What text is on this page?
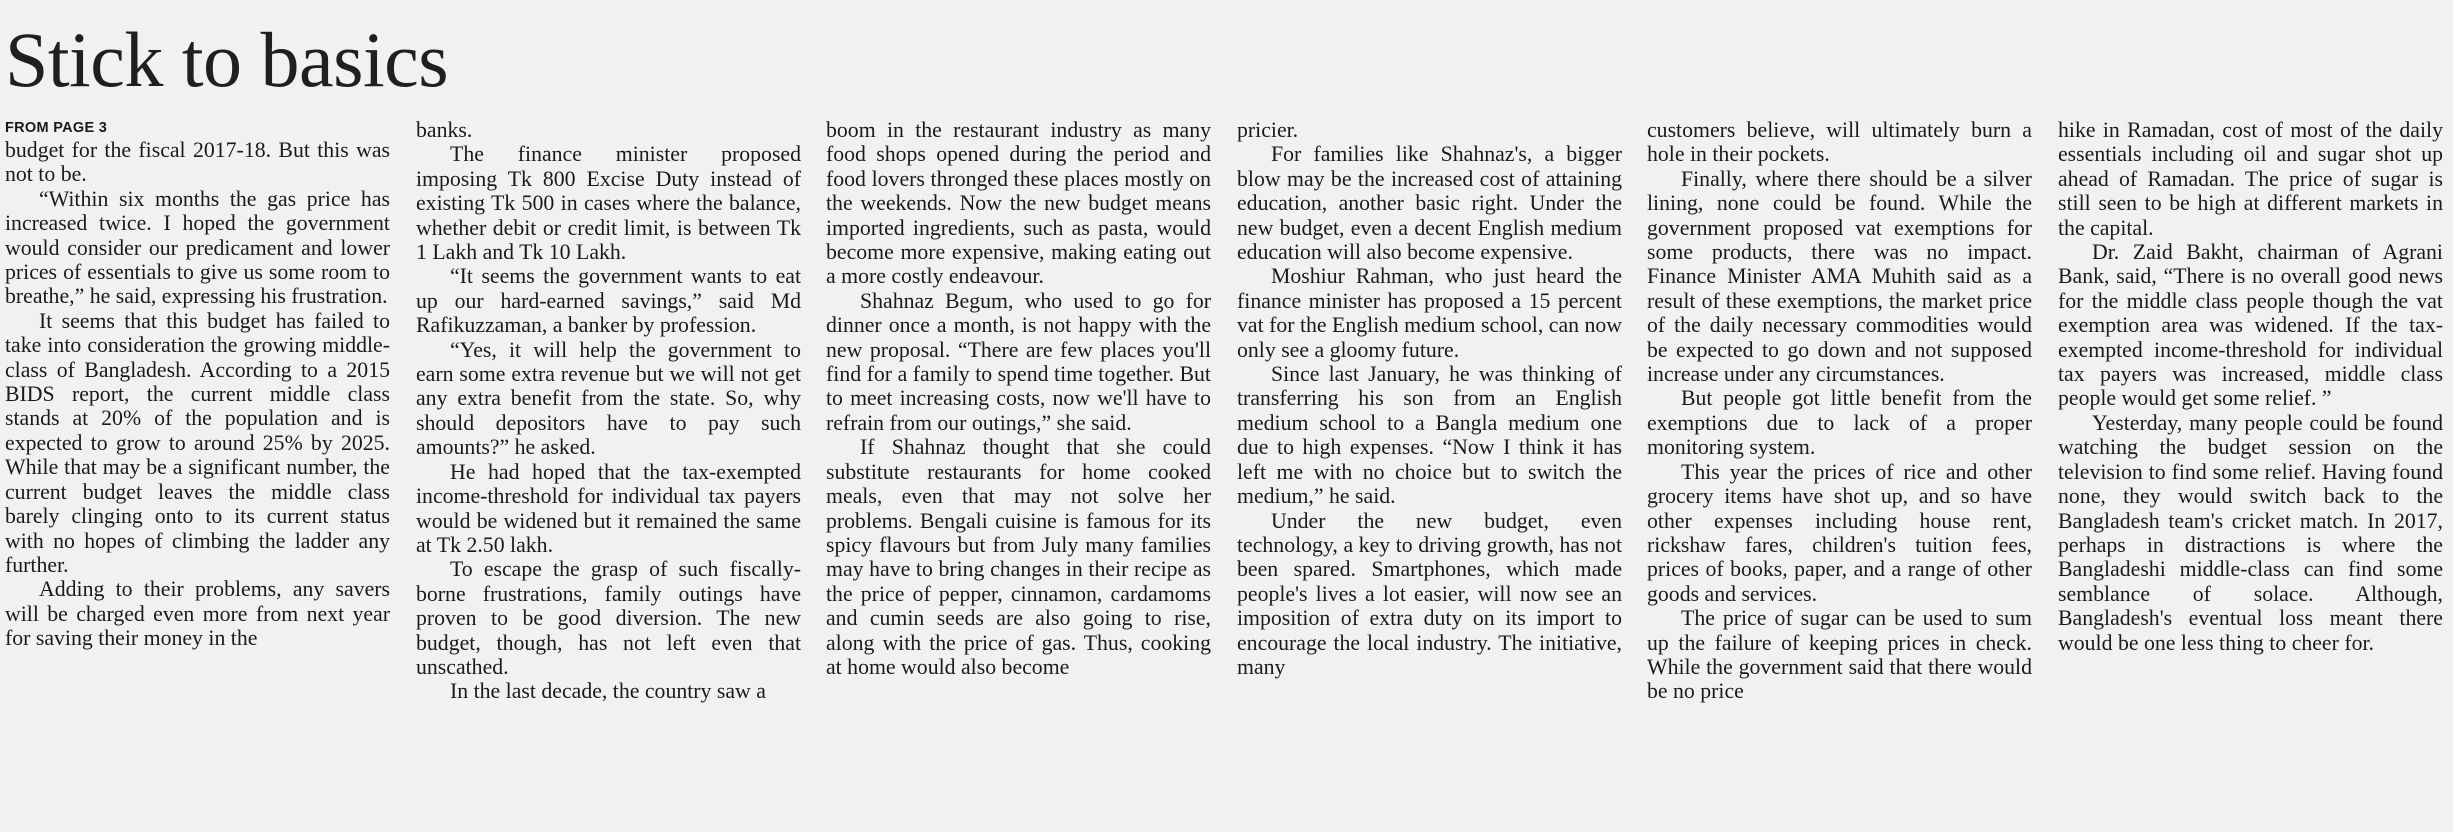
Stick to basics
FROM PAGE 3

budget for the fiscal 2017-18. But this was not to be.

“Within six months the gas price has increased twice. I hoped the government would consider our predicament and lower prices of essentials to give us some room to breathe,” he said, expressing his frustration.

It seems that this budget has failed to take into consideration the growing middle-class of Bangladesh. According to a 2015 BIDS report, the current middle class stands at 20% of the population and is expected to grow to around 25% by 2025. While that may be a significant number, the current budget leaves the middle class barely clinging onto to its current status with no hopes of climbing the ladder any further.

Adding to their problems, any savers will be charged even more from next year for saving their money in the

banks.

The finance minister proposed imposing Tk 800 Excise Duty instead of existing Tk 500 in cases where the balance, whether debit or credit limit, is between Tk 1 Lakh and Tk 10 Lakh.

“It seems the government wants to eat up our hard-earned savings,” said Md Rafikuzzaman, a banker by profession.

“Yes, it will help the government to earn some extra revenue but we will not get any extra benefit from the state. So, why should depositors have to pay such amounts?” he asked.

He had hoped that the tax-exempted income-threshold for individual tax payers would be widened but it remained the same at Tk 2.50 lakh.

To escape the grasp of such fiscally-borne frustrations, family outings have proven to be good diversion. The new budget, though, has not left even that unscathed.

In the last decade, the country saw a

boom in the restaurant industry as many food shops opened during the period and food lovers thronged these places mostly on the weekends. Now the new budget means imported ingredients, such as pasta, would become more expensive, making eating out a more costly endeavour.

Shahnaz Begum, who used to go for dinner once a month, is not happy with the new proposal. “There are few places you'll find for a family to spend time together. But to meet increasing costs, now we'll have to refrain from our outings,” she said.

If Shahnaz thought that she could substitute restaurants for home cooked meals, even that may not solve her problems. Bengali cuisine is famous for its spicy flavours but from July many families may have to bring changes in their recipe as the price of pepper, cinnamon, cardamoms and cumin seeds are also going to rise, along with the price of gas. Thus, cooking at home would also become

pricier.

For families like Shahnaz's, a bigger blow may be the increased cost of attaining education, another basic right. Under the new budget, even a decent English medium education will also become expensive.

Moshiur Rahman, who just heard the finance minister has proposed a 15 percent vat for the English medium school, can now only see a gloomy future.

Since last January, he was thinking of transferring his son from an English medium school to a Bangla medium one due to high expenses. “Now I think it has left me with no choice but to switch the medium,” he said.

Under the new budget, even technology, a key to driving growth, has not been spared. Smartphones, which made people's lives a lot easier, will now see an imposition of extra duty on its import to encourage the local industry. The initiative, many

customers believe, will ultimately burn a hole in their pockets.

Finally, where there should be a silver lining, none could be found. While the government proposed vat exemptions for some products, there was no impact. Finance Minister AMA Muhith said as a result of these exemptions, the market price of the daily necessary commodities would be expected to go down and not supposed increase under any circumstances.

But people got little benefit from the exemptions due to lack of a proper monitoring system.

This year the prices of rice and other grocery items have shot up, and so have other expenses including house rent, rickshaw fares, children's tuition fees, prices of books, paper, and a range of other goods and services.

The price of sugar can be used to sum up the failure of keeping prices in check. While the government said that there would be no price

hike in Ramadan, cost of most of the daily essentials including oil and sugar shot up ahead of Ramadan. The price of sugar is still seen to be high at different markets in the capital.

Dr. Zaid Bakht, chairman of Agrani Bank, said, “There is no overall good news for the middle class people though the vat exemption area was widened. If the tax-exempted income-threshold for individual tax payers was increased, middle class people would get some relief. ”

Yesterday, many people could be found watching the budget session on the television to find some relief. Having found none, they would switch back to the Bangladesh team's cricket match. In 2017, perhaps in distractions is where the Bangladeshi middle-class can find some semblance of solace. Although, Bangladesh's eventual loss meant there would be one less thing to cheer for.
